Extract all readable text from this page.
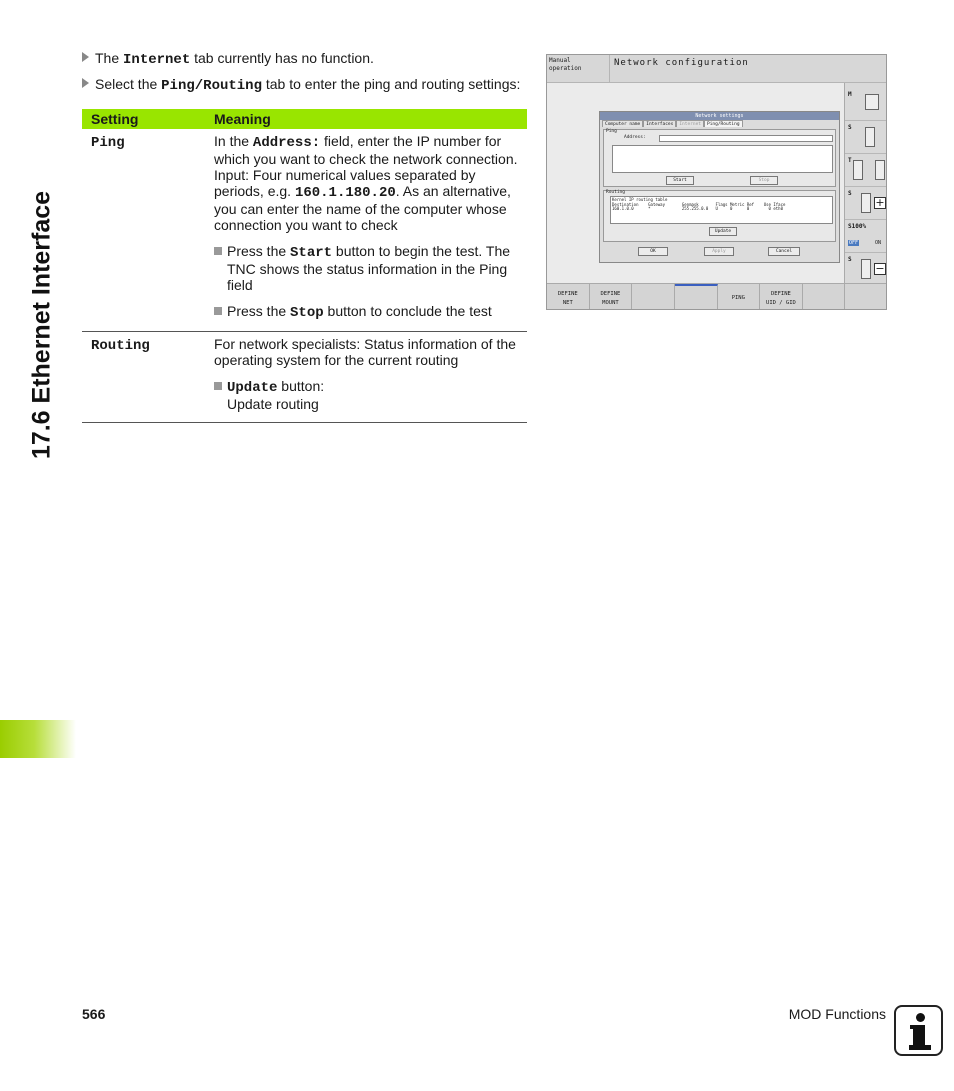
17.6 Ethernet Interface
The Internet tab currently has no function.
Select the Ping/Routing tab to enter the ping and routing settings:
Setting	Meaning
Ping	In the Address: field, enter the IP number for which you want to check the network connection. Input: Four numerical values separated by periods, e.g. 160.1.180.20. As an alternative, you can enter the name of the computer whose connection you want to check

Press the Start button to begin the test. The TNC shows the status information in the Ping field

Press the Stop button to conclude the test

Routing	For network specialists: Status information of the operating system for the current routing

Update button:
Update routing

Manual
operation
Network configuration
Network settings
Computer name	Interfaces	Internet	Ping/Routing
Ping
Address:
Start	Stop
Routing
Kernel IP routing table
Destination    Gateway       Genmask       Flags Metric Ref    Use Iface
160.1.0.0      *             255.255.0.0   U     0      0        0 eth0
Update
OK	Apply	Cancel
M
S
T
S
+
S100%
OFF	ON
S
−
DEFINE
NET
DEFINE
MOUNT
PING
DEFINE
UID / GID
566	MOD Functions
